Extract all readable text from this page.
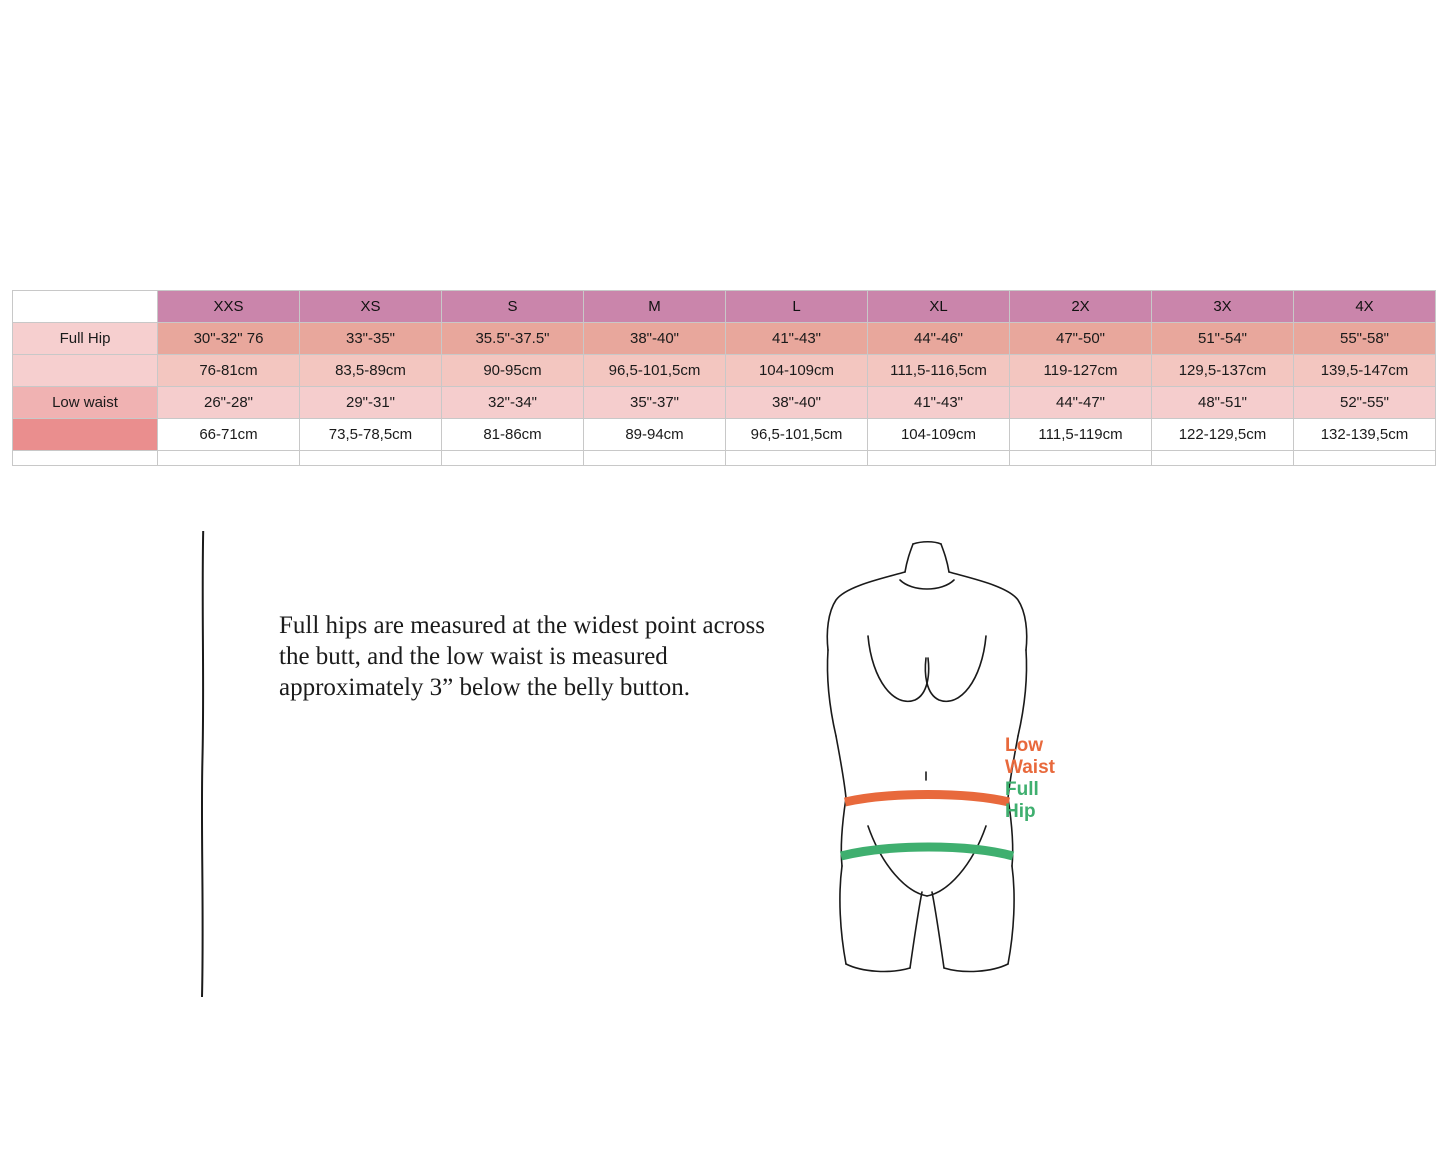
	XXS	XS	S	M	L	XL	2X	3X	4X
Full Hip	30"-32" 76	33"-35"	35.5"-37.5"	38"-40"	41"-43"	44"-46"	47"-50"	51"-54"	55"-58"
	76-81cm	83,5-89cm	90-95cm	96,5-101,5cm	104-109cm	111,5-116,5cm	119-127cm	129,5-137cm	139,5-147cm
Low waist	26"-28"	29"-31"	32"-34"	35"-37"	38"-40"	41"-43"	44"-47"	48"-51"	52"-55"
	66-71cm	73,5-78,5cm	81-86cm	89-94cm	96,5-101,5cm	104-109cm	111,5-119cm	122-129,5cm	132-139,5cm

Full hips are measured at the widest point across the butt, and the low waist is measured approximately 3” below the belly button.
Low
Waist
Full
Hip
